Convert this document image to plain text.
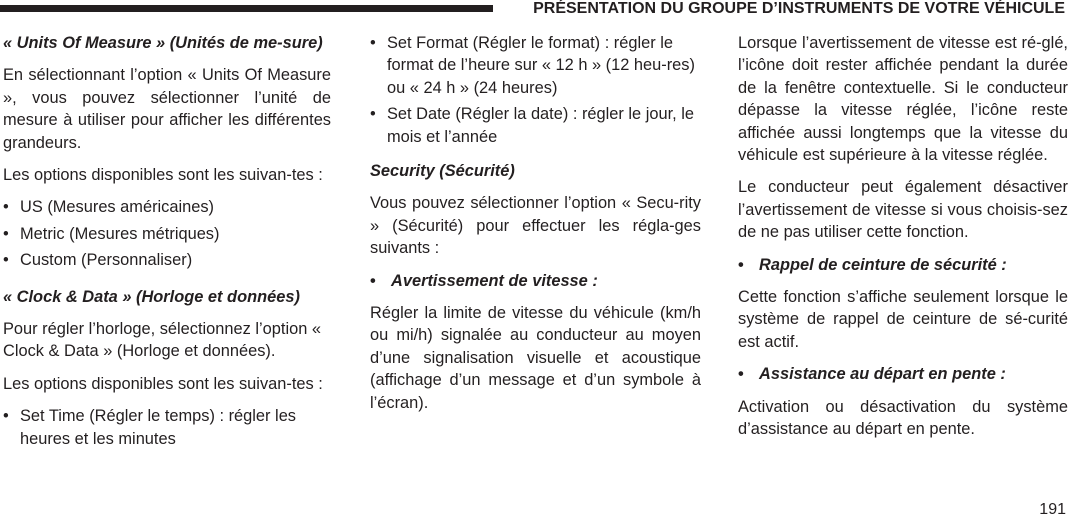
PRÉSENTATION DU GROUPE D’INSTRUMENTS DE VOTRE VÉHICULE
« Units Of Measure » (Unités de me-sure)

En sélectionnant l’option « Units Of Measure », vous pouvez sélectionner l’unité de mesure à utiliser pour afficher les différentes grandeurs.

Les options disponibles sont les suivan-tes :

• US (Mesures américaines)
• Metric (Mesures métriques)
• Custom (Personnaliser)
« Clock & Data » (Horloge et données)

Pour régler l’horloge, sélectionnez l’option « Clock & Data » (Horloge et données).

Les options disponibles sont les suivan-tes :

• Set Time (Régler le temps) : régler les heures et les minutes
• Set Format (Régler le format) : régler le format de l’heure sur « 12 h » (12 heu-res) ou « 24 h » (24 heures)
• Set Date (Régler la date) : régler le jour, le mois et l’année
Security (Sécurité)

Vous pouvez sélectionner l’option « Secu-rity » (Sécurité) pour effectuer les régla-ges suivants :

• Avertissement de vitesse :

Régler la limite de vitesse du véhicule (km/h ou mi/h) signalée au conducteur au moyen d’une signalisation visuelle et acoustique (affichage d’un message et d’un symbole à l’écran).

Lorsque l’avertissement de vitesse est ré-glé, l’icône doit rester affichée pendant la durée de la fenêtre contextuelle. Si le conducteur dépasse la vitesse réglée, l’icône reste affichée aussi longtemps que la vitesse du véhicule est supérieure à la vitesse réglée.

Le conducteur peut également désactiver l’avertissement de vitesse si vous choisis-sez de ne pas utiliser cette fonction.

• Rappel de ceinture de sécurité :

Cette fonction s’affiche seulement lorsque le système de rappel de ceinture de sé-curité est actif.

• Assistance au départ en pente :

Activation ou désactivation du système d’assistance au départ en pente.

191
